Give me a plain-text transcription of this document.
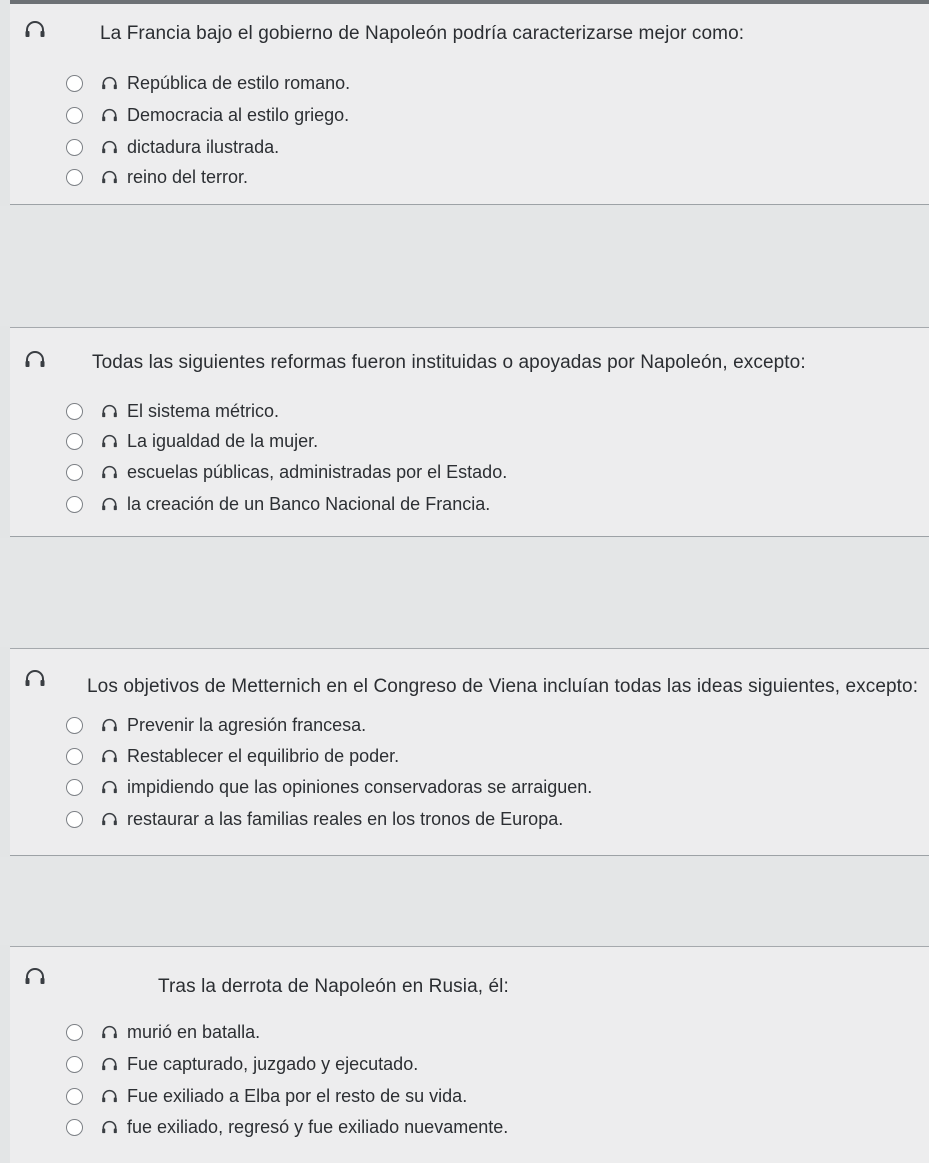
La Francia bajo el gobierno de Napoleón podría caracterizarse mejor como:
República de estilo romano.
Democracia al estilo griego.
dictadura ilustrada.
reino del terror.
Todas las siguientes reformas fueron instituidas o apoyadas por Napoleón, excepto:
El sistema métrico.
La igualdad de la mujer.
escuelas públicas, administradas por el Estado.
la creación de un Banco Nacional de Francia.
Los objetivos de Metternich en el Congreso de Viena incluían todas las ideas siguientes, excepto:
Prevenir la agresión francesa.
Restablecer el equilibrio de poder.
impidiendo que las opiniones conservadoras se arraiguen.
restaurar a las familias reales en los tronos de Europa.
Tras la derrota de Napoleón en Rusia, él:
murió en batalla.
Fue capturado, juzgado y ejecutado.
Fue exiliado a Elba por el resto de su vida.
fue exiliado, regresó y fue exiliado nuevamente.
